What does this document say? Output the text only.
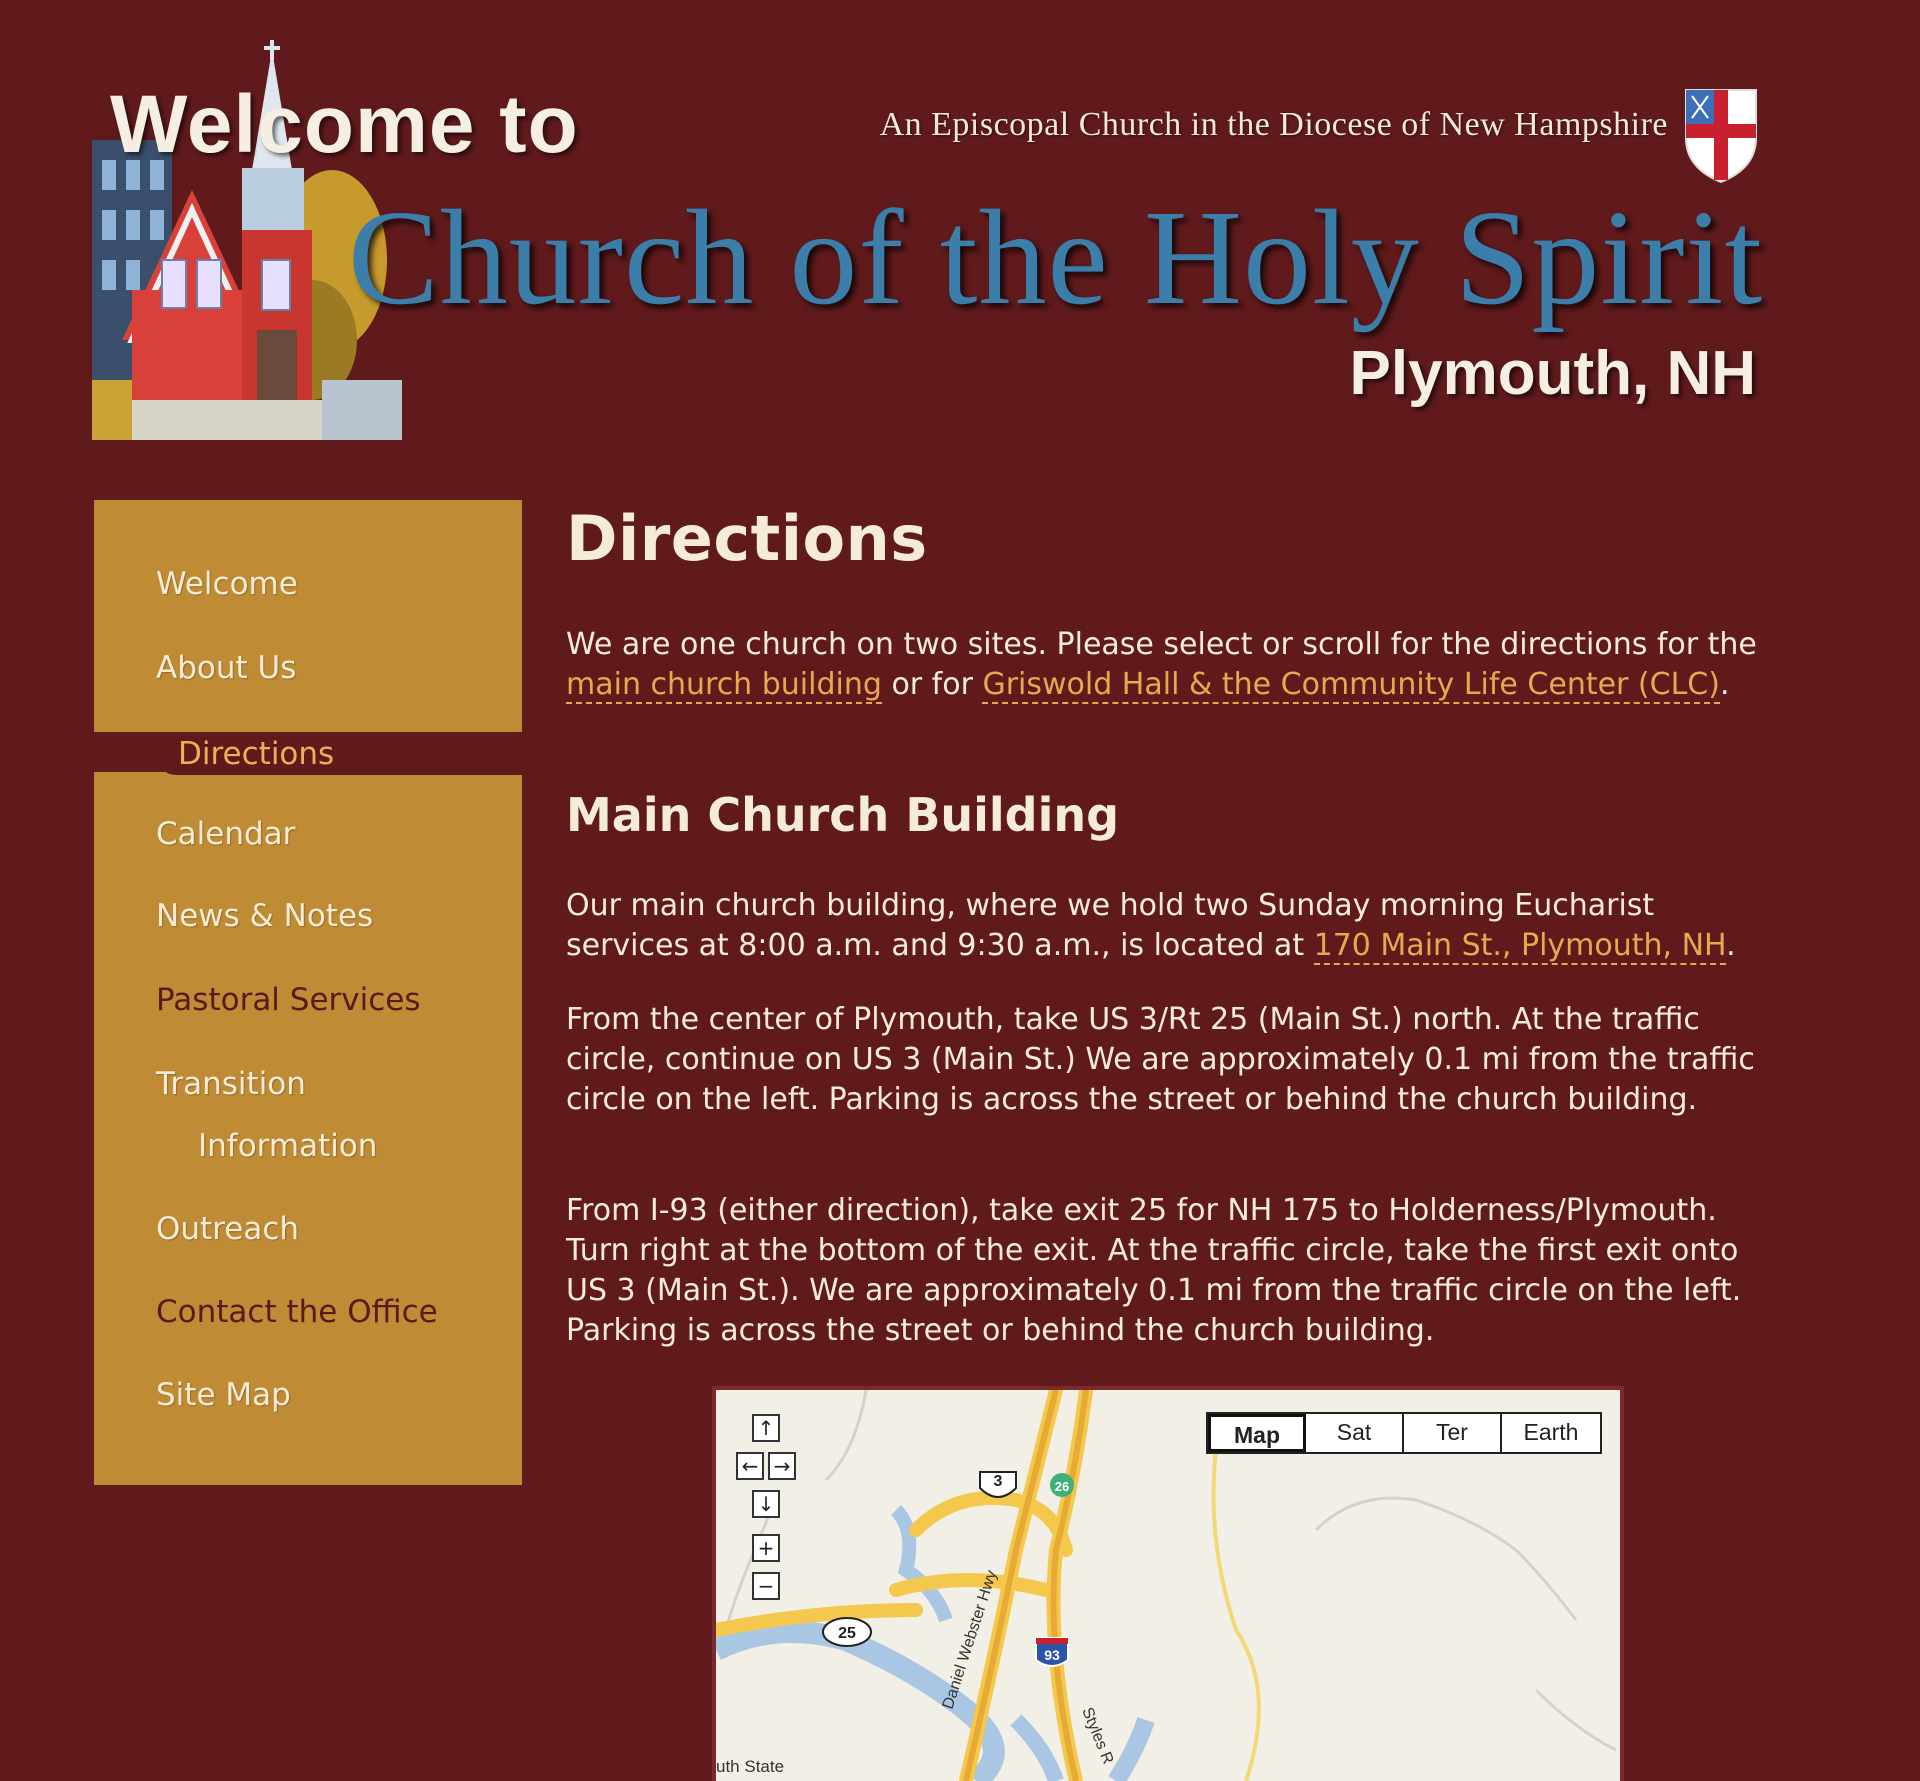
Welcome to	An Episcopal Church in the Diocese of New Hampshire
Church of the Holy Spirit
Plymouth, NH
Welcome
About Us
Directions
Calendar
News & Notes
Pastoral Services
Transition
Information
Outreach
Contact the Office
Site Map
Directions

We are one church on two sites. Please select or scroll for the directions for the main church building or for Griswold Hall & the Community Life Center (CLC).

Main Church Building

Our main church building, where we hold two Sunday morning Eucharist services at 8:00 a.m. and 9:30 a.m., is located at 170 Main St., Plymouth, NH.

From the center of Plymouth, take US 3/Rt 25 (Main St.) north. At the traffic circle, continue on US 3 (Main St.) We are approximately 0.1 mi from the traffic circle on the left. Parking is across the street or behind the church building.

From I-93 (either direction), take exit 25 for NH 175 to Holderness/Plymouth. Turn right at the bottom of the exit. At the traffic circle, take the first exit onto US 3 (Main St.). We are approximately 0.1 mi from the traffic circle on the left. Parking is across the street or behind the church building.

3	26
25
93
Daniel Webster Hwy
Styles R
uth State
↑
← →
↓
+
−
Map	Sat	Ter	Earth
